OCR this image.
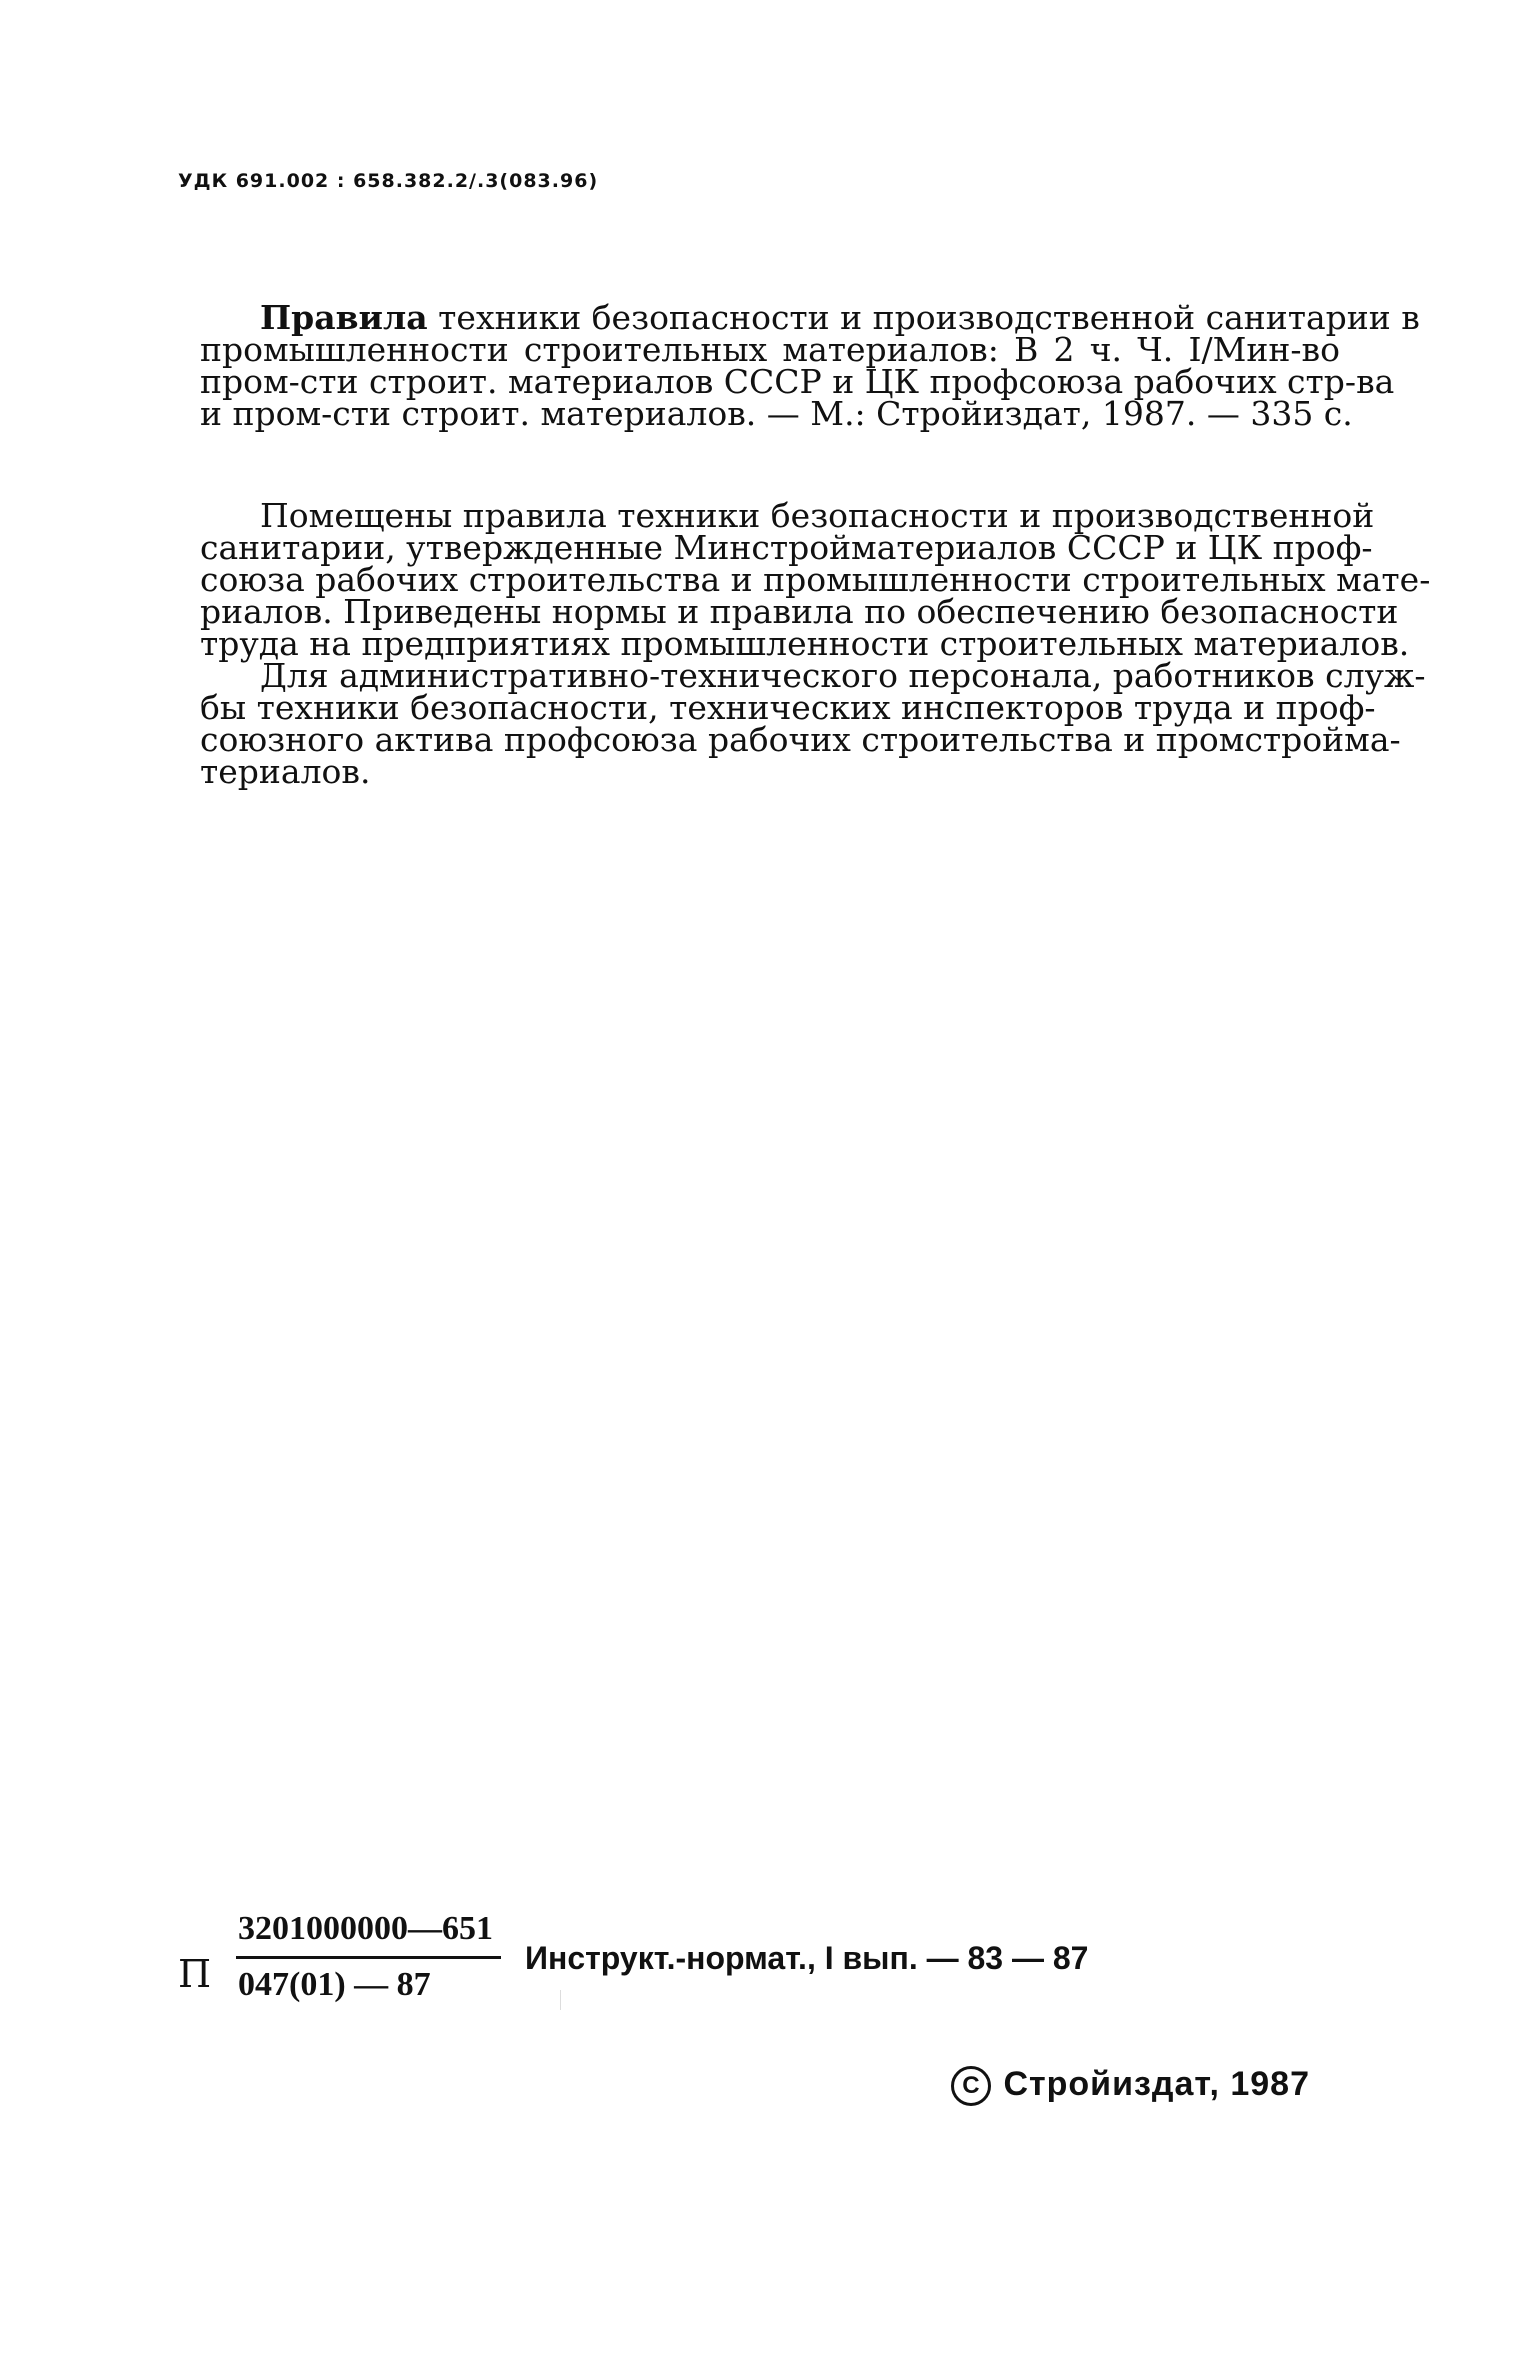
УДК 691.002 : 658.382.2/.3(083.96)
Правила техники безопасности и производственной санитарии в
промышленности строительных материалов: В 2 ч. Ч. I/Мин-во
пром-сти строит. материалов СССР и ЦК профсоюза рабочих стр-ва
и пром-сти строит. материалов. — М.: Стройиздат, 1987. — 335 с.
Помещены правила техники безопасности и производственной
санитарии, утвержденные Минстройматериалов СССР и ЦК проф-
союза рабочих строительства и промышленности строительных мате-
риалов. Приведены нормы и правила по обеспечению безопасности
труда на предприятиях промышленности строительных материалов.
Для административно-технического персонала, работников служ-
бы техники безопасности, технических инспекторов труда и проф-
союзного актива профсоюза рабочих строительства и промстройма-
териалов.
П
3201000000—651
047(01) — 87
Инструкт.-нормат., I вып. — 83 — 87
C Стройиздат, 1987
